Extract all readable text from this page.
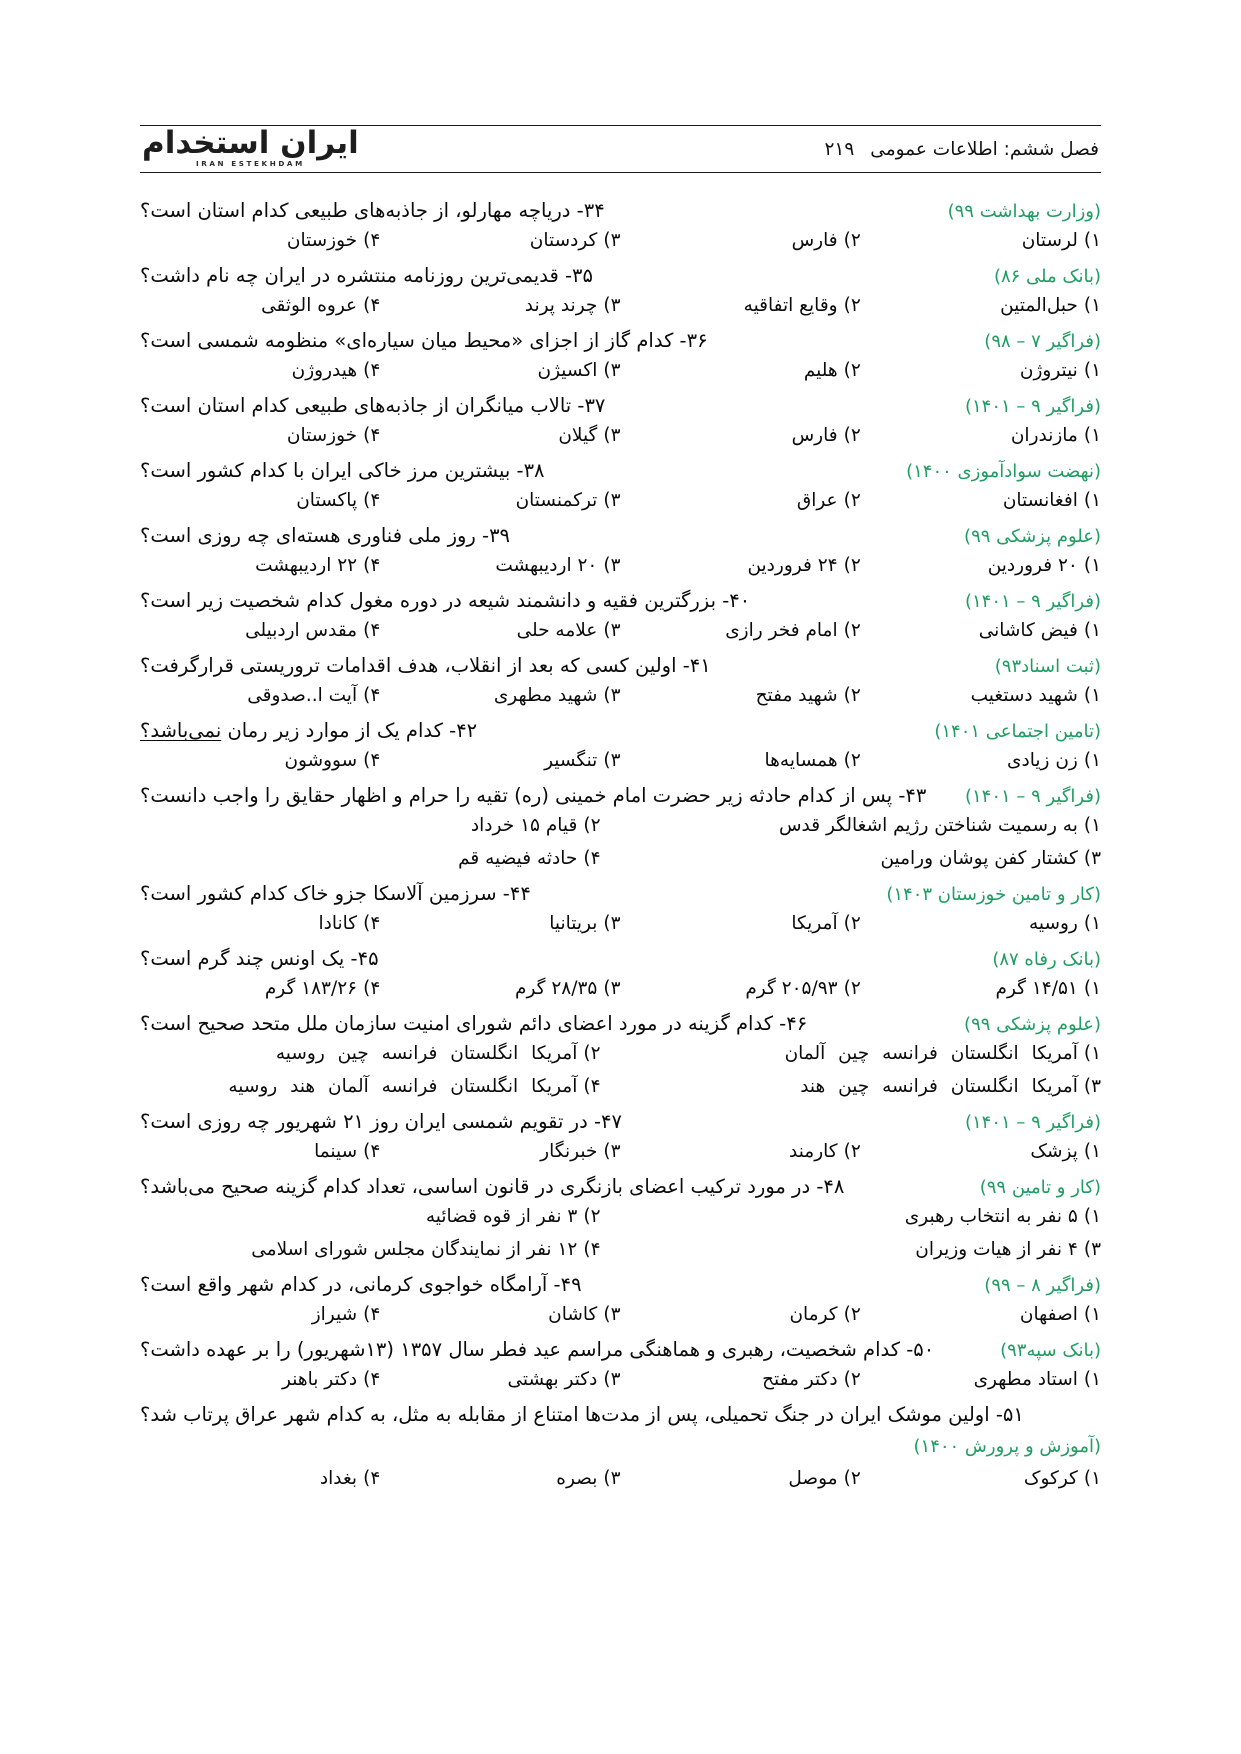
فصل ششم: اطلاعات عمومی
۲۱۹
ایران استخدام
IRAN ESTEKHDAM
(وزارت بهداشت ۹۹)
۳۴- دریاچه مهارلو، از جاذبه‌های طبیعی کدام استان است؟
۱)لرستان
۲)فارس
۳)کردستان
۴)خوزستان
(بانک ملی ۸۶)
۳۵- قدیمی‌ترین روزنامه منتشره در ایران چه نام داشت؟
۱)حبل‌المتین
۲)وقایع اتفاقیه
۳)چرند پرند
۴)عروه الوثقی
(فراگیر ۷ – ۹۸)
۳۶- کدام گاز از اجزای «محیط میان سیاره‌ای» منظومه شمسی است؟
۱)نیتروژن
۲)هلیم
۳)اکسیژن
۴)هیدروژن
(فراگیر ۹ – ۱۴۰۱)
۳۷- تالاب میانگران از جاذبه‌های طبیعی کدام استان است؟
۱)مازندران
۲)فارس
۳)گیلان
۴)خوزستان
(نهضت سوادآموزی ۱۴۰۰)
۳۸- بیشترین مرز خاکی ایران با کدام کشور است؟
۱)افغانستان
۲)عراق
۳)ترکمنستان
۴)پاکستان
(علوم پزشکی ۹۹)
۳۹- روز ملی فناوری هسته‌ای چه روزی است؟
۱)۲۰ فروردین
۲)۲۴ فروردین
۳)۲۰ اردیبهشت
۴)۲۲ اردیبهشت
(فراگیر ۹ – ۱۴۰۱)
۴۰- بزرگترین فقیه و دانشمند شیعه در دوره مغول کدام شخصیت زیر است؟
۱)فیض کاشانی
۲)امام فخر رازی
۳)علامه حلی
۴)مقدس اردبیلی
(ثبت اسناد۹۳)
۴۱- اولین کسی که بعد از انقلاب، هدف اقدامات تروریستی قرارگرفت؟
۱)شهید دستغیب
۲)شهید مفتح
۳)شهید مطهری
۴)آیت ا..صدوقی
(تامین اجتماعی ۱۴۰۱)
۴۲- کدام یک از موارد زیر رمان نمی‌باشد؟
۱)زن زیادی
۲)همسایه‌ها
۳)تنگسیر
۴)سووشون
(فراگیر ۹ – ۱۴۰۱)
۴۳- پس از کدام حادثه زیر حضرت امام خمینی (ره) تقیه را حرام و اظهار حقایق را واجب دانست؟
۱)به رسمیت شناختن رژیم اشغالگر قدس
۲)قیام ۱۵ خرداد
۳)کشتار کفن پوشان ورامین
۴)حادثه فیضیه قم
(کار و تامین خوزستان ۱۴۰۳)
۴۴- سرزمین آلاسکا جزو خاک کدام کشور است؟
۱)روسیه
۲)آمریکا
۳)بریتانیا
۴)کانادا
(بانک رفاه ۸۷)
۴۵- یک اونس چند گرم است؟
۱)۱۴/۵۱ گرم
۲)۲۰۵/۹۳ گرم
۳)۲۸/۳۵ گرم
۴)۱۸۳/۲۶ گرم
(علوم پزشکی ۹۹)
۴۶- کدام گزینه در مورد اعضای دائم شورای امنیت سازمان ملل متحد صحیح است؟
۱)آمریکا انگلستان فرانسه چین آلمان
۲)آمریکا انگلستان فرانسه چین روسیه
۳)آمریکا انگلستان فرانسه چین هند
۴)آمریکا انگلستان فرانسه آلمان هند روسیه
(فراگیر ۹ – ۱۴۰۱)
۴۷- در تقویم شمسی ایران روز ۲۱ شهریور چه روزی است؟
۱)پزشک
۲)کارمند
۳)خبرنگار
۴)سینما
(کار و تامین ۹۹)
۴۸- در مورد ترکیب اعضای بازنگری در قانون اساسی، تعداد کدام گزینه صحیح می‌باشد؟
۱)۵ نفر به انتخاب رهبری
۲)۳ نفر از قوه قضائیه
۳)۴ نفر از هیات وزیران
۴)۱۲ نفر از نمایندگان مجلس شورای اسلامی
(فراگیر ۸ – ۹۹)
۴۹- آرامگاه خواجوی کرمانی، در کدام شهر واقع است؟
۱)اصفهان
۲)کرمان
۳)کاشان
۴)شیراز
(بانک سپه۹۳)
۵۰- کدام شخصیت، رهبری و هماهنگی مراسم عید فطر سال ۱۳۵۷ (۱۳شهریور) را بر عهده داشت؟
۱)استاد مطهری
۲)دکتر مفتح
۳)دکتر بهشتی
۴)دکتر باهنر
۵۱- اولین موشک ایران در جنگ تحمیلی، پس از مدت‌ها امتناع از مقابله به مثل، به کدام شهر عراق پرتاب شد؟
(آموزش و پرورش ۱۴۰۰)
۱)کرکوک
۲)موصل
۳)بصره
۴)بغداد
